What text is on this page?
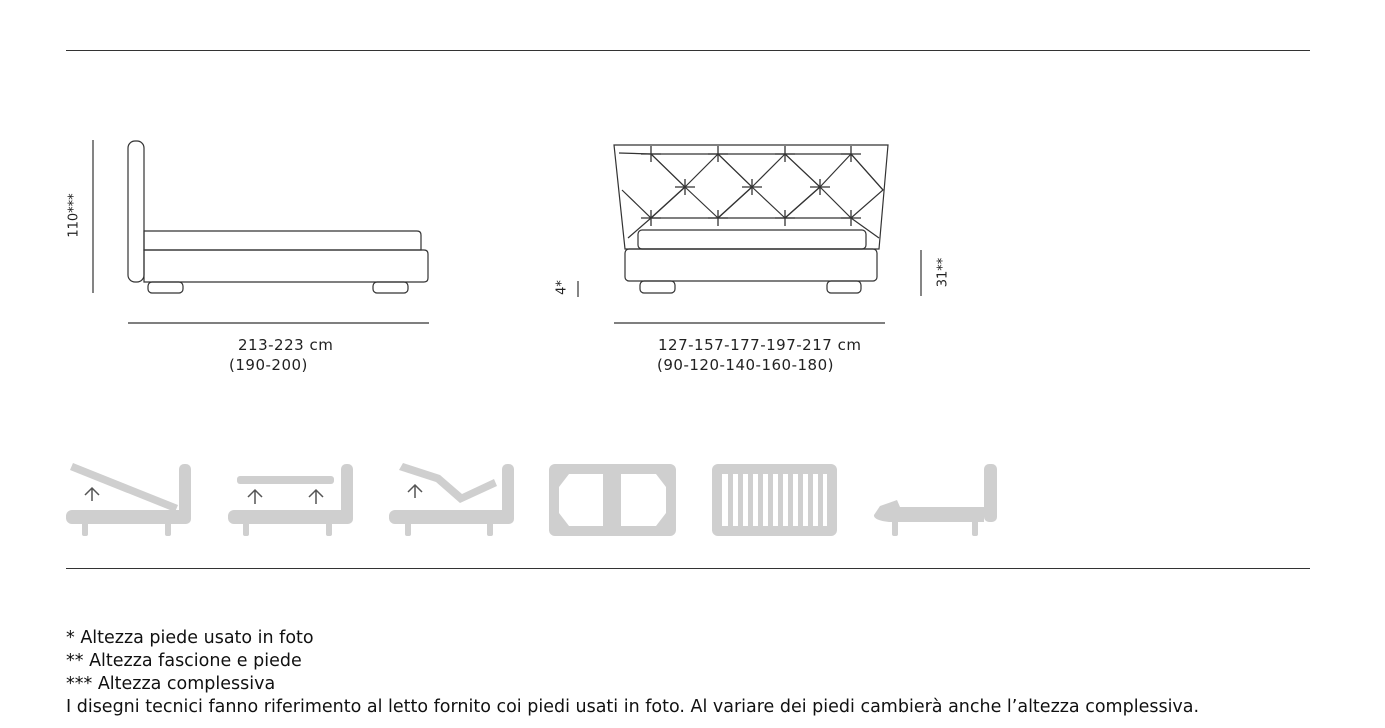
110***
213-223 cm
(190-200)
4*
31**
127-157-177-197-217 cm
(90-120-140-160-180)
* Altezza piede usato in foto
** Altezza fascione e piede
*** Altezza complessiva
I disegni tecnici fanno riferimento al letto fornito coi piedi usati in foto. Al variare dei piedi cambierà anche l’altezza complessiva.
